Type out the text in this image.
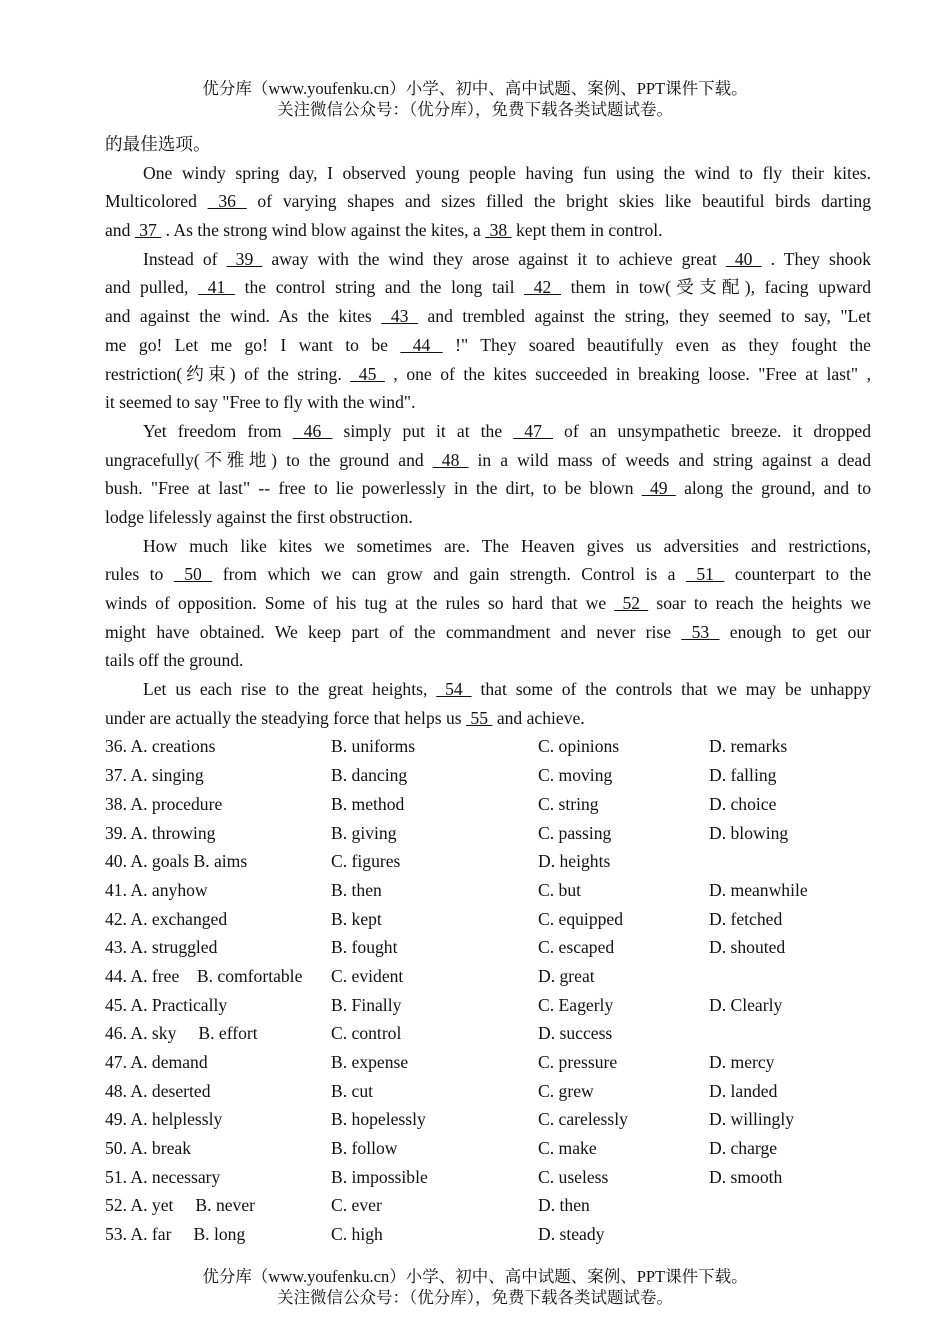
优分库（www.youfenku.cn）小学、初中、高中试题、案例、PPT课件下载。
关注微信公众号：（优分库），免费下载各类试题试卷。
的最佳选项。
One windy spring day, I observed young people having fun using the wind to fly their kites.
Multicolored  36  of varying shapes and sizes filled the bright skies like beautiful birds darting
and  37  . As the strong wind blow against the kites, a  38  kept them in control.
Instead of  39  away with the wind they arose against it to achieve great  40  . They shook
and pulled,  41  the control string and the long tail  42  them in tow(受支配), facing upward
and against the wind. As the kites  43  and trembled against the string, they seemed to say, "Let
me go! Let me go! I want to be  44  !" They soared beautifully even as they fought the
restriction(约束) of the string.  45  , one of the kites succeeded in breaking loose. "Free at last" ,
it seemed to say "Free to fly with the wind".
Yet freedom from  46  simply put it at the  47  of an unsympathetic breeze. it dropped
ungracefully(不雅地) to the ground and  48  in a wild mass of weeds and string against a dead
bush. "Free at last" -- free to lie powerlessly in the dirt, to be blown  49  along the ground, and to
lodge lifelessly against the first obstruction.
How much like kites we sometimes are. The Heaven gives us adversities and restrictions,
rules to  50  from which we can grow and gain strength. Control is a  51  counterpart to the
winds of opposition. Some of his tug at the rules so hard that we  52  soar to reach the heights we
might have obtained. We keep part of the commandment and never rise  53  enough to get our
tails off the ground.
Let us each rise to the great heights,  54  that some of the controls that we may be unhappy
under are actually the steadying force that helps us  55  and achieve.
36. A. creations	B. uniforms	C. opinions	D. remarks
37. A. singing	B. dancing	C. moving	D. falling
38. A. procedure	B. method	C. string	D. choice
39. A. throwing	B. giving	C. passing	D. blowing
40. A. goals B. aims	C. figures	D. heights
41. A. anyhow	B. then	C. but	D. meanwhile
42. A. exchanged	B. kept	C. equipped	D. fetched
43. A. struggled	B. fought	C. escaped	D. shouted
44. A. free    B. comfortable C. evident	D. great
45. A. Practically	B. Finally	C. Eagerly	D. Clearly
46. A. sky     B. effort	C. control	D. success
47. A. demand	B. expense	C. pressure	D. mercy
48. A. deserted	B. cut	C. grew	D. landed
49. A. helplessly	B. hopelessly	C. carelessly	D. willingly
50. A. break	B. follow	C. make	D. charge
51. A. necessary	B. impossible	C. useless	D. smooth
52. A. yet     B. never	C. ever	D. then
53. A. far     B. long	C. high	D. steady
优分库（www.youfenku.cn）小学、初中、高中试题、案例、PPT课件下载。
关注微信公众号：（优分库），免费下载各类试题试卷。
